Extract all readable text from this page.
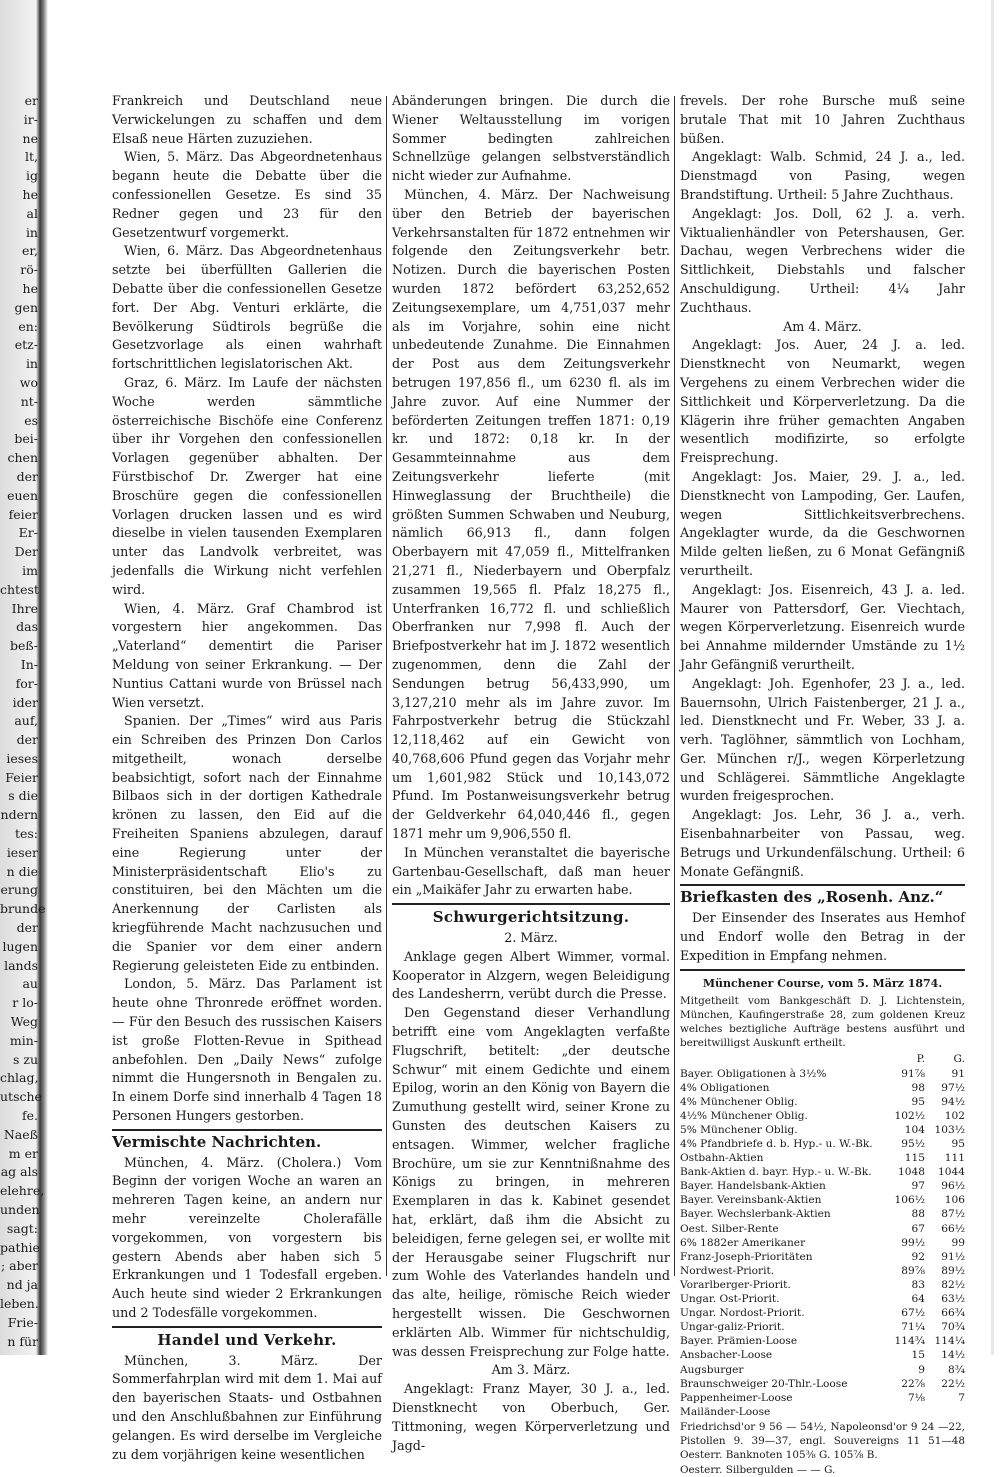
er
ir-
ne
lt,
ig
he
al
in
er,
rö-
he
gen
en:
etz-
in
wo
nt-
es
bei-
chen
der
euen
feier
Er-
Der
im
chtest
Ihre
das
beß-
In-
for-
ider
auf,
der
ieses
Feier
s die
ndern
tes:
ieser
n die
erung
brunde
der
lugen
lands
au
r lo-
Weg
min-
s zu
chlag,
utsche
fe.
Naeß
m er
ag als
elehre,
unden
sagt:
pathie
; aber
nd ja
leben.
Frie-
n für

Frankreich und Deutschland neue Verwickelungen zu schaffen und dem Elsaß neue Härten zuzuziehen.

Wien, 5. März. Das Abgeordnetenhaus begann heute die Debatte über die confessionellen Gesetze. Es sind 35 Redner gegen und 23 für den Gesetzentwurf vorgemerkt.

Wien, 6. März. Das Abgeordnetenhaus setzte bei überfüllten Gallerien die Debatte über die confessionellen Gesetze fort. Der Abg. Venturi erklärte, die Bevölkerung Südtirols begrüße die Gesetzvorlage als einen wahrhaft fortschrittlichen legislatorischen Akt.

Graz, 6. März. Im Laufe der nächsten Woche werden sämmtliche österreichische Bischöfe eine Conferenz über ihr Vorgehen den confessionellen Vorlagen gegenüber abhalten. Der Fürstbischof Dr. Zwerger hat eine Broschüre gegen die confessionellen Vorlagen drucken lassen und es wird dieselbe in vielen tausenden Exemplaren unter das Landvolk verbreitet, was jedenfalls die Wirkung nicht verfehlen wird.

Wien, 4. März. Graf Chambrod ist vorgestern hier angekommen. Das „Vaterland“ dementirt die Pariser Meldung von seiner Erkrankung. — Der Nuntius Cattani wurde von Brüssel nach Wien versetzt.

Spanien. Der „Times“ wird aus Paris ein Schreiben des Prinzen Don Carlos mitgetheilt, wonach derselbe beabsichtigt, sofort nach der Einnahme Bilbaos sich in der dortigen Kathedrale krönen zu lassen, den Eid auf die Freiheiten Spaniens abzulegen, darauf eine Regierung unter der Ministerpräsidentschaft Elio's zu constituiren, bei den Mächten um die Anerkennung der Carlisten als kriegführende Macht nachzusuchen und die Spanier vor dem einer andern Regierung geleisteten Eide zu entbinden.

London, 5. März. Das Parlament ist heute ohne Thronrede eröffnet worden. — Für den Besuch des russischen Kaisers ist große Flotten-Revue in Spithead anbefohlen. Den „Daily News“ zufolge nimmt die Hungersnoth in Bengalen zu. In einem Dorfe sind innerhalb 4 Tagen 18 Personen Hungers gestorben.

Vermischte Nachrichten.

München, 4. März. (Cholera.) Vom Beginn der vorigen Woche an waren an mehreren Tagen keine, an andern nur mehr vereinzelte Cholerafälle vorgekommen, von vorgestern bis gestern Abends aber haben sich 5 Erkrankungen und 1 Todesfall ergeben. Auch heute sind wieder 2 Erkrankungen und 2 Todesfälle vorgekommen.

Handel und Verkehr.

München, 3. März. Der Sommerfahrplan wird mit dem 1. Mai auf den bayerischen Staats- und Ostbahnen und den Anschlußbahnen zur Einführung gelangen. Es wird derselbe im Vergleiche zu dem vorjährigen keine wesentlichen

Abänderungen bringen. Die durch die Wiener Weltausstellung im vorigen Sommer bedingten zahlreichen Schnellzüge gelangen selbstverständlich nicht wieder zur Aufnahme.

München, 4. März. Der Nachweisung über den Betrieb der bayerischen Verkehrsanstalten für 1872 entnehmen wir folgende den Zeitungsverkehr betr. Notizen. Durch die bayerischen Posten wurden 1872 befördert 63,252,652 Zeitungsexemplare, um 4,751,037 mehr als im Vorjahre, sohin eine nicht unbedeutende Zunahme. Die Einnahmen der Post aus dem Zeitungsverkehr betrugen 197,856 fl., um 6230 fl. als im Jahre zuvor. Auf eine Nummer der beförderten Zeitungen treffen 1871: 0,19 kr. und 1872: 0,18 kr. In der Gesammteinnahme aus dem Zeitungsverkehr lieferte (mit Hinweglassung der Bruchtheile) die größten Summen Schwaben und Neuburg, nämlich 66,913 fl., dann folgen Oberbayern mit 47,059 fl., Mittelfranken 21,271 fl., Niederbayern und Oberpfalz zusammen 19,565 fl. Pfalz 18,275 fl., Unterfranken 16,772 fl. und schließlich Oberfranken nur 7,998 fl. Auch der Briefpostverkehr hat im J. 1872 wesentlich zugenommen, denn die Zahl der Sendungen betrug 56,433,990, um 3,127,210 mehr als im Jahre zuvor. Im Fahrpostverkehr betrug die Stückzahl 12,118,462 auf ein Gewicht von 40,768,606 Pfund gegen das Vorjahr mehr um 1,601,982 Stück und 10,143,072 Pfund. Im Postanweisungsverkehr betrug der Geldverkehr 64,040,446 fl., gegen 1871 mehr um 9,906,550 fl.

In München veranstaltet die bayerische Gartenbau-Gesellschaft, daß man heuer ein „Maikäfer Jahr zu erwarten habe.

Schwurgerichtsitzung.
2. März.

Anklage gegen Albert Wimmer, vormal. Kooperator in Alzgern, wegen Beleidigung des Landesherrn, verübt durch die Presse.

Den Gegenstand dieser Verhandlung betrifft eine vom Angeklagten verfaßte Flugschrift, betitelt: „der deutsche Schwur“ mit einem Gedichte und einem Epilog, worin an den König von Bayern die Zumuthung gestellt wird, seiner Krone zu Gunsten des deutschen Kaisers zu entsagen. Wimmer, welcher fragliche Brochüre, um sie zur Kenntnißnahme des Königs zu bringen, in mehreren Exemplaren in das k. Kabinet gesendet hat, erklärt, daß ihm die Absicht zu beleidigen, ferne gelegen sei, er wollte mit der Herausgabe seiner Flugschrift nur zum Wohle des Vaterlandes handeln und das alte, heilige, römische Reich wieder hergestellt wissen. Die Geschwornen erklärten Alb. Wimmer für nichtschuldig, was dessen Freisprechung zur Folge hatte.

Am 3. März.

Angeklagt: Franz Mayer, 30 J. a., led. Dienstknecht von Oberbuch, Ger. Tittmoning, wegen Körperverletzung und Jagd-

frevels. Der rohe Bursche muß seine brutale That mit 10 Jahren Zuchthaus büßen.

Angeklagt: Walb. Schmid, 24 J. a., led. Dienstmagd von Pasing, wegen Brandstiftung. Urtheil: 5 Jahre Zuchthaus.

Angeklagt: Jos. Doll, 62 J. a. verh. Viktualienhändler von Petershausen, Ger. Dachau, wegen Verbrechens wider die Sittlichkeit, Diebstahls und falscher Anschuldigung. Urtheil: 4¼ Jahr Zuchthaus.

Am 4. März.

Angeklagt: Jos. Auer, 24 J. a. led. Dienstknecht von Neumarkt, wegen Vergehens zu einem Verbrechen wider die Sittlichkeit und Körperverletzung. Da die Klägerin ihre früher gemachten Angaben wesentlich modifizirte, so erfolgte Freisprechung.

Angeklagt: Jos. Maier, 29. J. a., led. Dienstknecht von Lampoding, Ger. Laufen, wegen Sittlichkeitsverbrechens. Angeklagter wurde, da die Geschwornen Milde gelten ließen, zu 6 Monat Gefängniß verurtheilt.

Angeklagt: Jos. Eisenreich, 43 J. a. led. Maurer von Pattersdorf, Ger. Viechtach, wegen Körperverletzung. Eisenreich wurde bei Annahme mildernder Umstände zu 1½ Jahr Gefängniß verurtheilt.

Angeklagt: Joh. Egenhofer, 23 J. a., led. Bauernsohn, Ulrich Faistenberger, 21 J. a., led. Dienstknecht und Fr. Weber, 33 J. a. verh. Taglöhner, sämmtlich von Lochham, Ger. München r/J., wegen Körperletzung und Schlägerei. Sämmtliche Angeklagte wurden freigesprochen.

Angeklagt: Jos. Lehr, 36 J. a., verh. Eisenbahnarbeiter von Passau, weg. Betrugs und Urkundenfälschung. Urtheil: 6 Monate Gefängniß.

Briefkasten des „Rosenh. Anz.“

Der Einsender des Inserates aus Hemhof und Endorf wolle den Betrag in der Expedition in Empfang nehmen.

Münchener Course, vom 5. März 1874.
Mitgetheilt vom Bankgeschäft D. J. Lichtenstein, München, Kaufingerstraße 28, zum goldenen Kreuz welches beztigliche Aufträge bestens ausführt und bereitwilligst Auskunft ertheilt.
	P.	G.
Bayer. Obligationen à 3½%	91⅞	91
4% Obligationen	98	97½
4% Münchener Oblig.	95	94½
4½% Münchener Oblig.	102½	102
5% Münchener Oblig.	104	103½
4% Pfandbriefe d. b. Hyp.- u. W.-Bk.	95½	95
Ostbahn-Aktien	115	111
Bank-Aktien d. bayr. Hyp.- u. W.-Bk.	1048	1044
Bayer. Handelsbank-Aktien	97	96½
Bayer. Vereinsbank-Aktien	106½	106
Bayer. Wechslerbank-Aktien	88	87½
Oest. Silber-Rente	67	66½
6% 1882er Amerikaner	99½	99
Franz-Joseph-Prioritäten	92	91½
Nordwest-Priorit.	89⅞	89½
Vorarlberger-Priorit.	83	82½
Ungar. Ost-Priorit.	64	63½
Ungar. Nordost-Priorit.	67½	66¾
Ungar-galiz-Priorit.	71¼	70¾
Bayer. Prämien-Loose	114¾	114¼
Ansbacher-Loose	15	14½
Augsburger	9	8¾
Braunschweiger 20-Thlr.-Loose	22⅞	22½
Pappenheimer-Loose	7⅛	7
Mailänder-Loose		
Friedrichsd'or 9 56 — 54½, Napoleonsd'or 9 24 —22, Pistollen 9. 39—37, engl. Souvereigns 11 51—48 Oesterr. Banknoten 105⅜ G. 105⅞ B.
Oesterr. Silbergulden — — G.
